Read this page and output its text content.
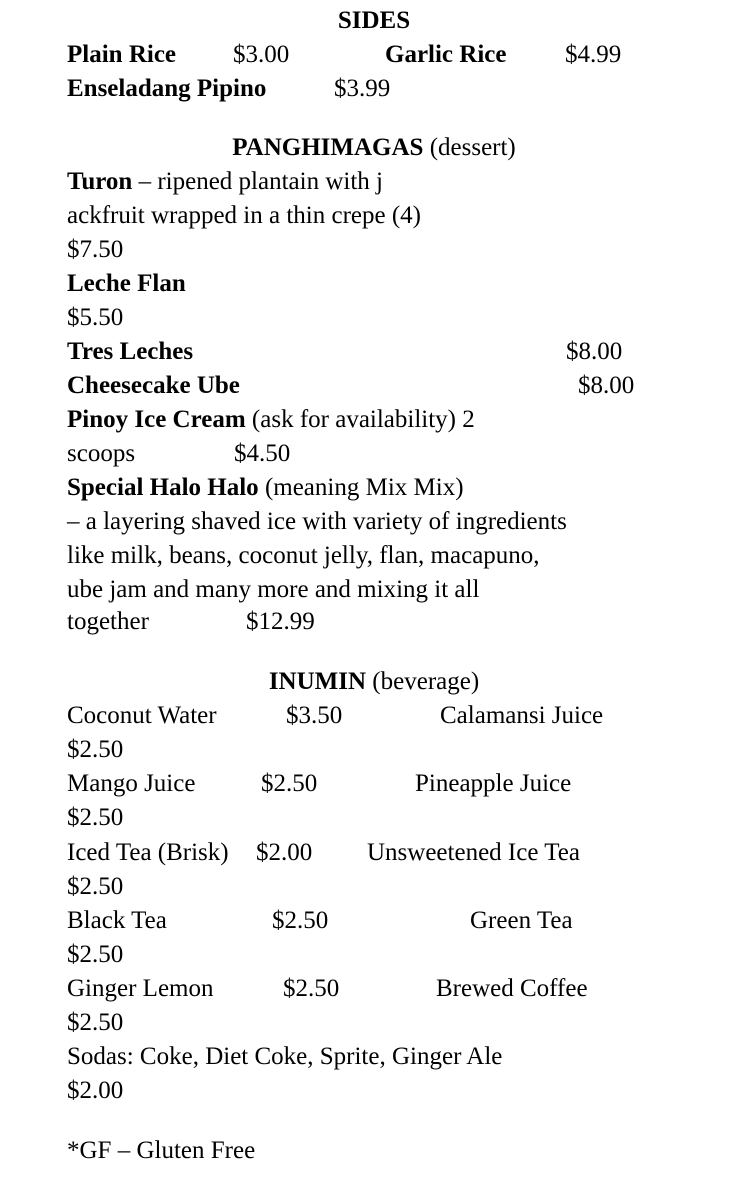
SIDES
Plain Rice $3.00	Garlic Rice $4.99
Enseladang Pipino	$3.99
PANGHIMAGAS (dessert)
Turon – ripened plantain with j
ackfruit wrapped in a thin crepe (4)
$7.50
Leche Flan
$5.50
Tres Leches	$8.00
Cheesecake Ube	$8.00
Pinoy Ice Cream (ask for availability) 2
scoops	$4.50
Special Halo Halo (meaning Mix Mix)
– a layering shaved ice with variety of ingredients
like milk, beans, coconut jelly, flan, macapuno,
ube jam and many more and mixing it all
together	$12.99
INUMIN (beverage)
Coconut Water	$3.50	Calamansi Juice
$2.50
Mango Juice	$2.50	Pineapple Juice
$2.50
Iced Tea (Brisk) $2.00 Unsweetened Ice Tea
$2.50
Black Tea	$2.50	Green Tea
$2.50
Ginger Lemon	$2.50	Brewed Coffee
$2.50
Sodas: Coke, Diet Coke, Sprite, Ginger Ale
$2.00
*GF – Gluten Free
